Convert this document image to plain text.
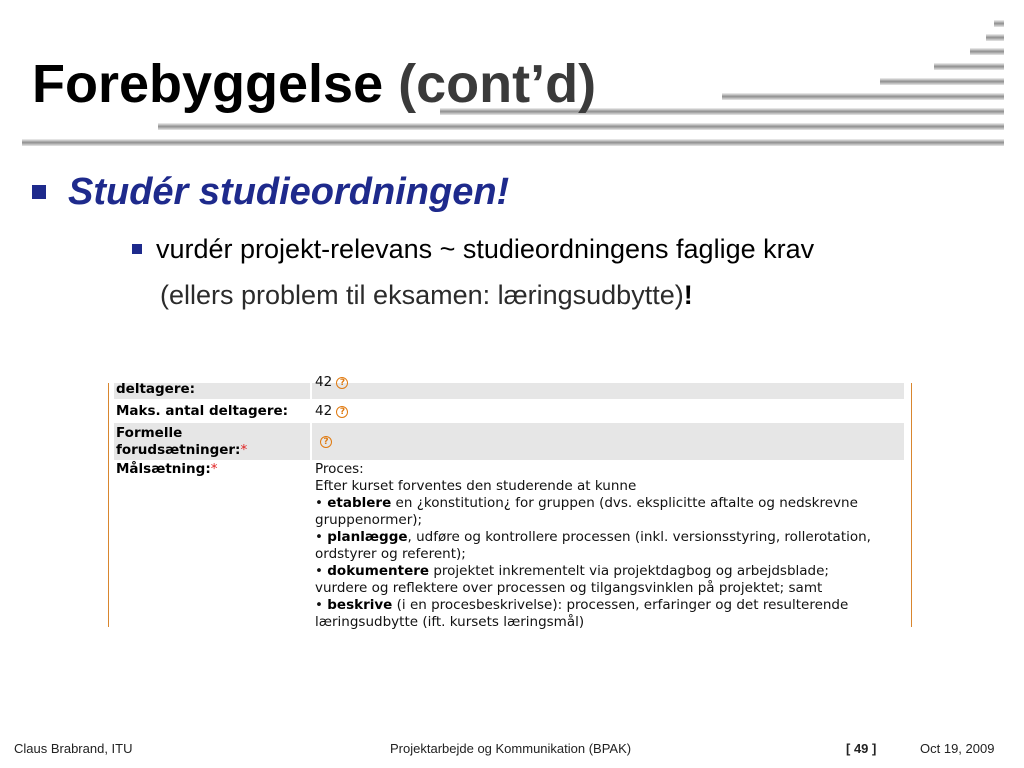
Forebyggelse (cont’d)
Studér studieordningen!
vurdér projekt-relevans ~ studieordningens faglige krav
(ellers problem til eksamen: læringsudbytte)!
deltagere:	42 ?
Maks. antal deltagere:	42 ?
Formelle
forudsætninger:*	?
Målsætning:*	Proces:
Efter kurset forventes den studerende at kunne
• etablere en ¿konstitution¿ for gruppen (dvs. eksplicitte aftalte og nedskrevne
gruppenormer);
• planlægge, udføre og kontrollere processen (inkl. versionsstyring, rollerotation,
ordstyrer og referent);
• dokumentere projektet inkrementelt via projektdagbog og arbejdsblade;
vurdere og reflektere over processen og tilgangsvinklen på projektet; samt
• beskrive (i en procesbeskrivelse): processen, erfaringer og det resulterende
læringsudbytte (ift. kursets læringsmål)
Claus Brabrand, ITU	Projektarbejde og Kommunikation (BPAK)	[ 49 ]	Oct 19, 2009
